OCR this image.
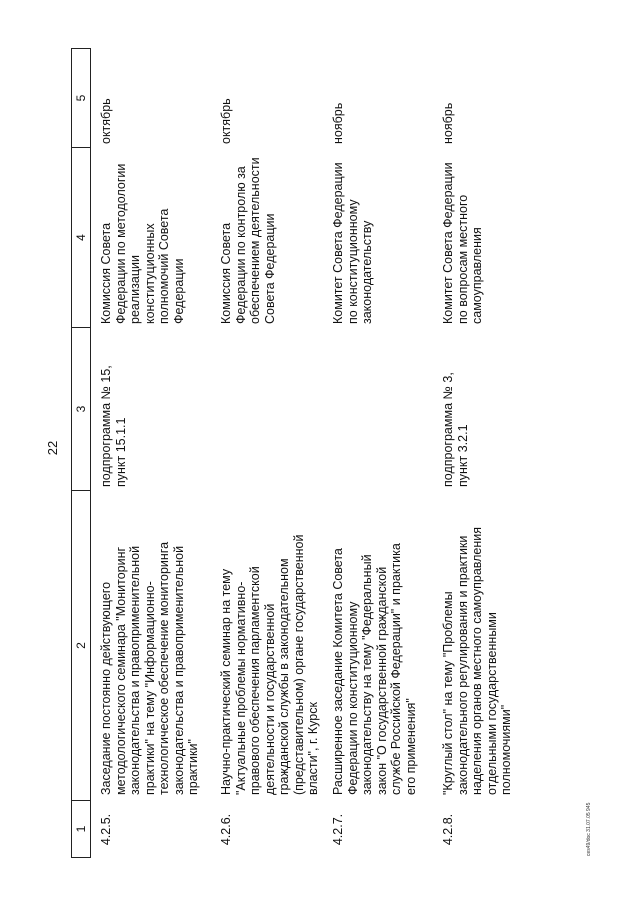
22
1
2
3
4
5
4.2.5.
Заседание постоянно действующего
методологического семинара "Мониторинг
законодательства и правоприменительной
практики" на тему "Информационно-
технологическое обеспечение мониторинга
законодательства и правоприменительной
практики"
подпрограмма № 15,
пункт 15.1.1
Комиссия Совета
Федерации по методологии
реализации
конституционных
полномочий Совета
Федерации
октябрь
4.2.6.
Научно-практический семинар на тему
"Актуальные проблемы нормативно-
правового обеспечения парламентской
деятельности и государственной
гражданской службы в законодательном
(представительном) органе государственной
власти", г. Курск
Комиссия Совета
Федерации по контролю за
обеспечением деятельности
Совета Федерации
октябрь
4.2.7.
Расширенное заседание Комитета Совета
Федерации по конституционному
законодательству на тему "Федеральный
закон "О государственной гражданской
службе Российской Федерации" и практика
его применения"
Комитет Совета Федерации
по конституционному
законодательству
ноябрь
4.2.8.
"Круглый стол" на тему "Проблемы
законодательного регулирования и практики
наделения органов местного самоуправления
отдельными государственными
полномочиями"
подпрограмма № 3,
пункт 3.2.1
Комитет Совета Федерации
по вопросам местного
самоуправления
ноябрь
ces49/doc 31.07.05 945
